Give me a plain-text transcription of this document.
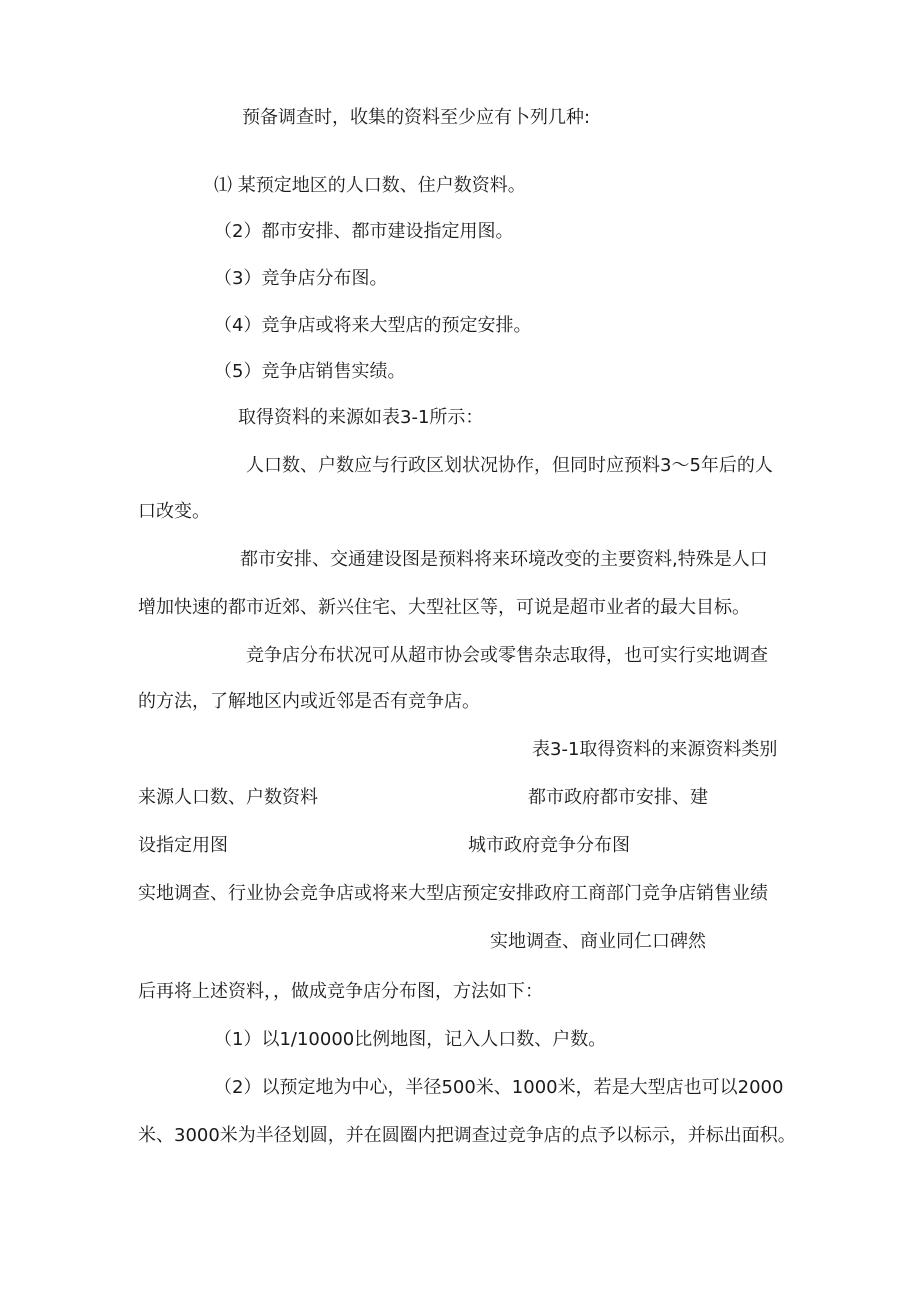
预备调查时，收集的资料至少应有卜列几种:
⑴ 某预定地区的人口数、住户数资料。
（2）都市安排、都市建设指定用图。
（3）竞争店分布图。
（4）竞争店或将来大型店的预定安排。
（5）竞争店销售实绩。
取得资料的来源如表3-1所示：
人口数、户数应与行政区划状况协作，但同时应预料3～5年后的人
口改变。
都市安排、交通建设图是预料将来环境改变的主要资料,特殊是人口
增加快速的都市近郊、新兴住宅、大型社区等，可说是超市业者的最大目标。
竞争店分布状况可从超市协会或零售杂志取得，也可实行实地调查
的方法，了解地区内或近邻是否有竞争店。
表3-1取得资料的来源资料类别
来源人口数、户数资料	都市政府都市安排、建
设指定用图	城市政府竞争分布图
实地调查、行业协会竞争店或将来大型店预定安排政府工商部门竞争店销售业绩
实地调查、商业同仁口碑然
后再将上述资料，，做成竞争店分布图，方法如下：
（1）以1/10000比例地图，记入人口数、户数。
（2）以预定地为中心，半径500米、1000米，若是大型店也可以2000
米、3000米为半径划圆，并在圆圈内把调查过竞争店的点予以标示，并标出面积。
